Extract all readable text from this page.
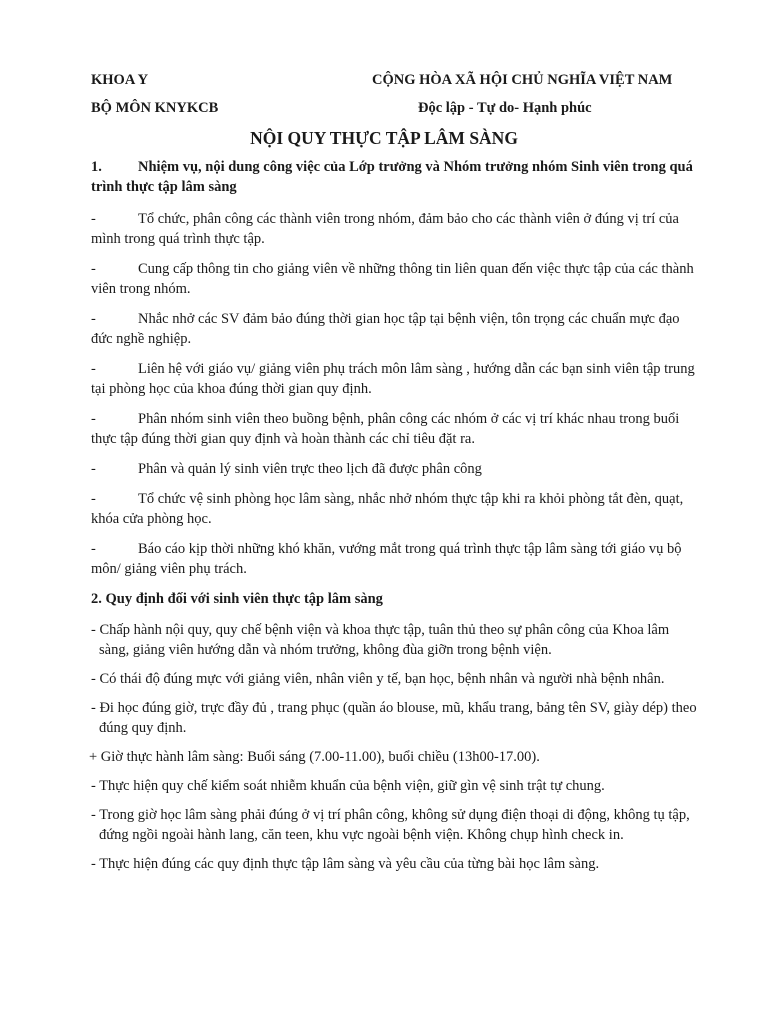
KHOA Y	CỘNG HÒA XÃ HỘI CHỦ NGHĨA VIỆT NAM
BỘ MÔN KNYKCB	Độc lập - Tự do- Hạnh phúc
NỘI QUY THỰC TẬP LÂM SÀNG
1. Nhiệm vụ, nội dung công việc của Lớp trưởng và Nhóm trưởng nhóm Sinh viên trong quá trình thực tập lâm sàng
-	Tổ chức, phân công các thành viên trong nhóm, đảm bảo cho các thành viên ở đúng vị trí của mình trong quá trình thực tập.
-	Cung cấp thông tin cho giảng viên về những thông tin liên quan đến việc thực tập của các thành viên trong nhóm.
-	Nhắc nhở các SV đảm bảo đúng thời gian học tập tại bệnh viện, tôn trọng các chuẩn mực đạo đức nghề nghiệp.
-	Liên hệ với giáo vụ/ giảng viên phụ trách môn lâm sàng , hướng dẫn các bạn sinh viên tập trung tại phòng học của khoa đúng thời gian quy định.
-	Phân nhóm sinh viên theo buồng bệnh, phân công các nhóm ở các vị trí khác nhau trong buổi thực tập đúng thời gian quy định và hoàn thành các chỉ tiêu đặt ra.
-	Phân và quản lý sinh viên trực theo lịch đã được phân công
-	Tổ chức vệ sinh phòng học lâm sàng, nhắc nhở nhóm thực tập khi ra khỏi phòng tắt đèn, quạt, khóa cửa phòng học.
-	Báo cáo kịp thời những khó khăn, vướng mắt trong quá trình thực tập lâm sàng tới giáo vụ bộ môn/ giảng viên phụ trách.
2. Quy định đối với sinh viên thực tập lâm sàng
- Chấp hành nội quy, quy chế bệnh viện và khoa thực tập, tuân thủ theo sự phân công của Khoa lâm sàng, giảng viên hướng dẫn và nhóm trưởng, không đùa giỡn trong bệnh viện.
- Có thái độ đúng mực với giảng viên, nhân viên y tế, bạn học, bệnh nhân và người nhà bệnh nhân.
- Đi học đúng giờ, trực đầy đủ , trang phục (quần áo blouse, mũ, khẩu trang, bảng tên SV, giày dép) theo đúng quy định.
+ Giờ thực hành lâm sàng: Buổi sáng (7.00-11.00), buổi chiều (13h00-17.00).
- Thực hiện quy chế kiểm soát nhiễm khuẩn của bệnh viện, giữ gìn vệ sinh trật tự chung.
- Trong giờ học lâm sàng phải đúng ở vị trí phân công, không sử dụng điện thoại di động, không tụ tập, đứng ngồi ngoài hành lang, căn teen, khu vực ngoài bệnh viện. Không chụp hình check in.
- Thực hiện đúng các quy định thực tập lâm sàng và yêu cầu của từng bài học lâm sàng.
